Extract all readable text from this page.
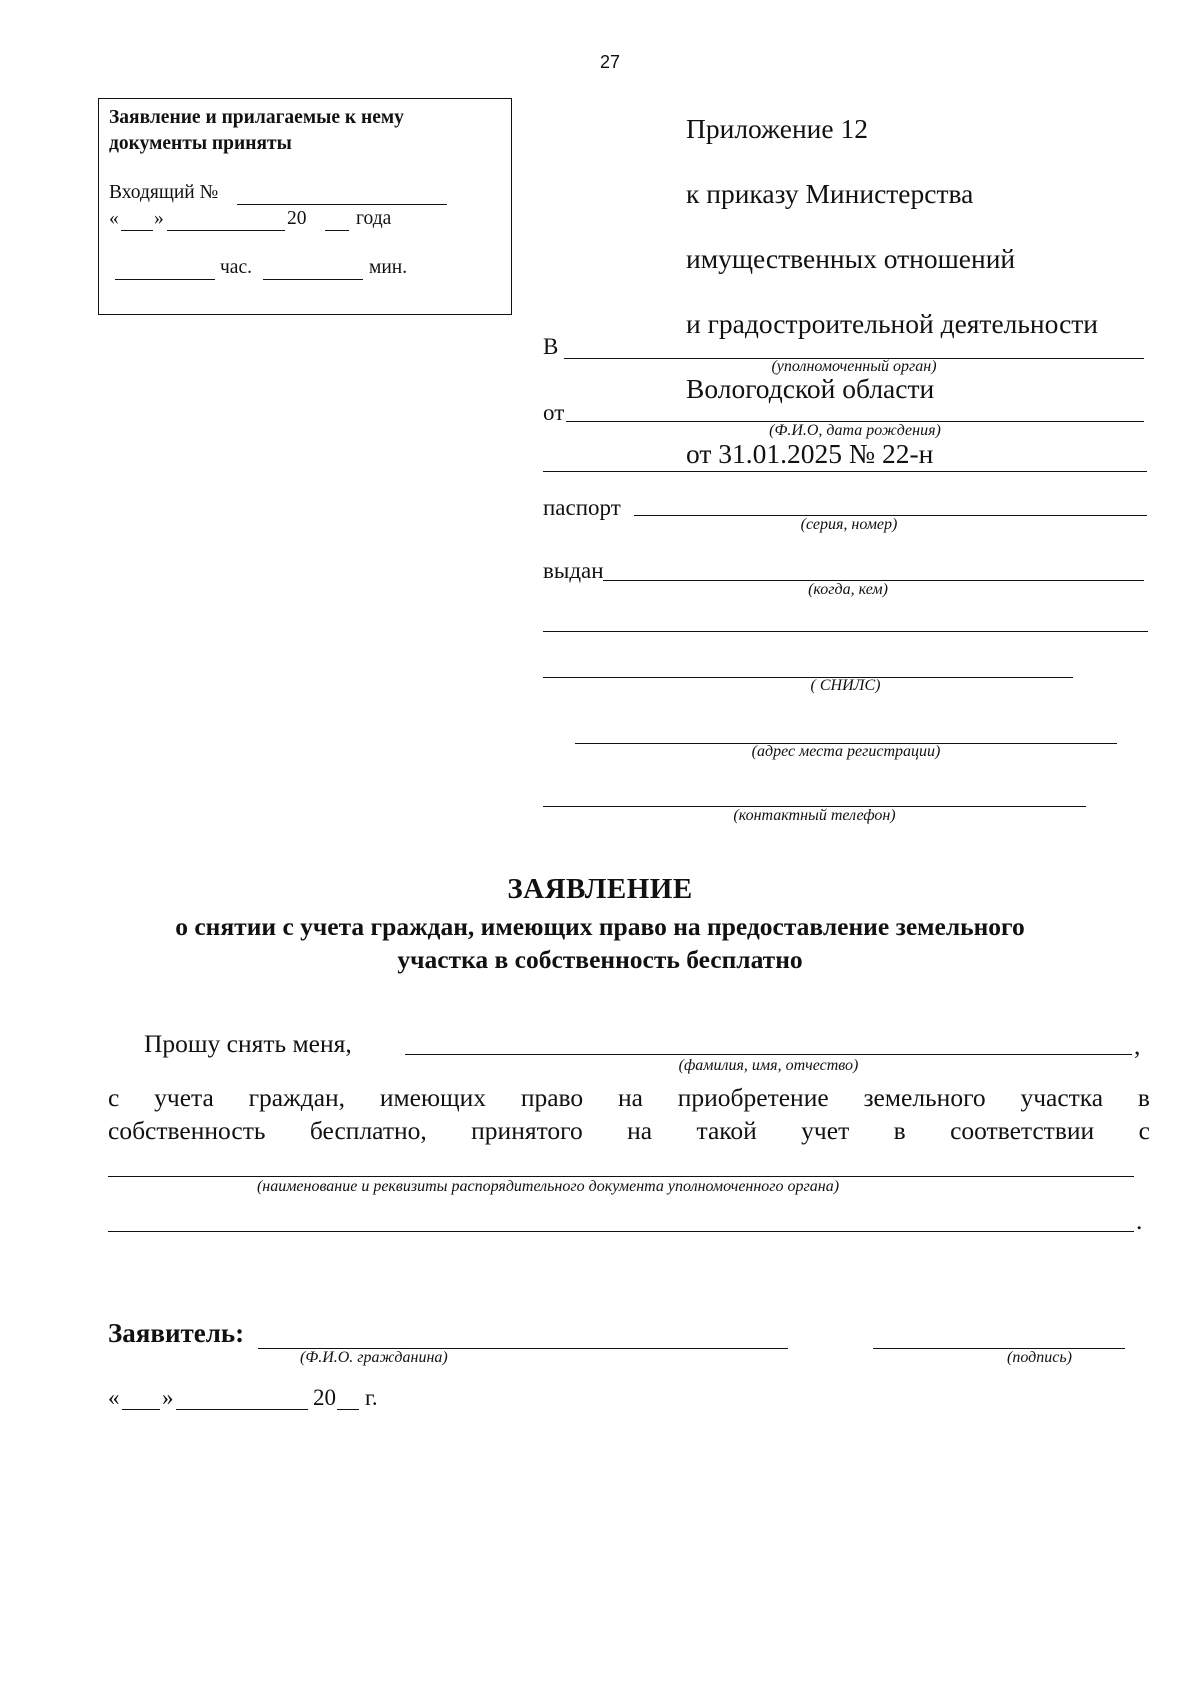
27
Заявление и прилагаемые к нему документы приняты
Входящий №
« »	20	года
час.	мин.

Приложение 12

к приказу Министерства

имущественных отношений

и градостроительной деятельности

Вологодской области

от 31.01.2025 № 22-н

В
(уполномоченный орган)
от
(Ф.И.О, дата рождения)
паспорт
(серия, номер)
выдан
(когда, кем)
( СНИЛС)
(адрес места регистрации)
(контактный телефон)
ЗАЯВЛЕНИЕ
о снятии с учета граждан, имеющих право на предоставление земельного
участка в собственность бесплатно
Прошу снять меня,	,
(фамилия, имя, отчество)
с учета граждан, имеющих право на приобретение земельного участка в
собственность бесплатно, принятого на такой учет в соответствии с
(наименование и реквизиты распорядительного документа уполномоченного органа)
.
Заявитель:
(Ф.И.О. гражданина)	(подпись)
« »	20 г.
